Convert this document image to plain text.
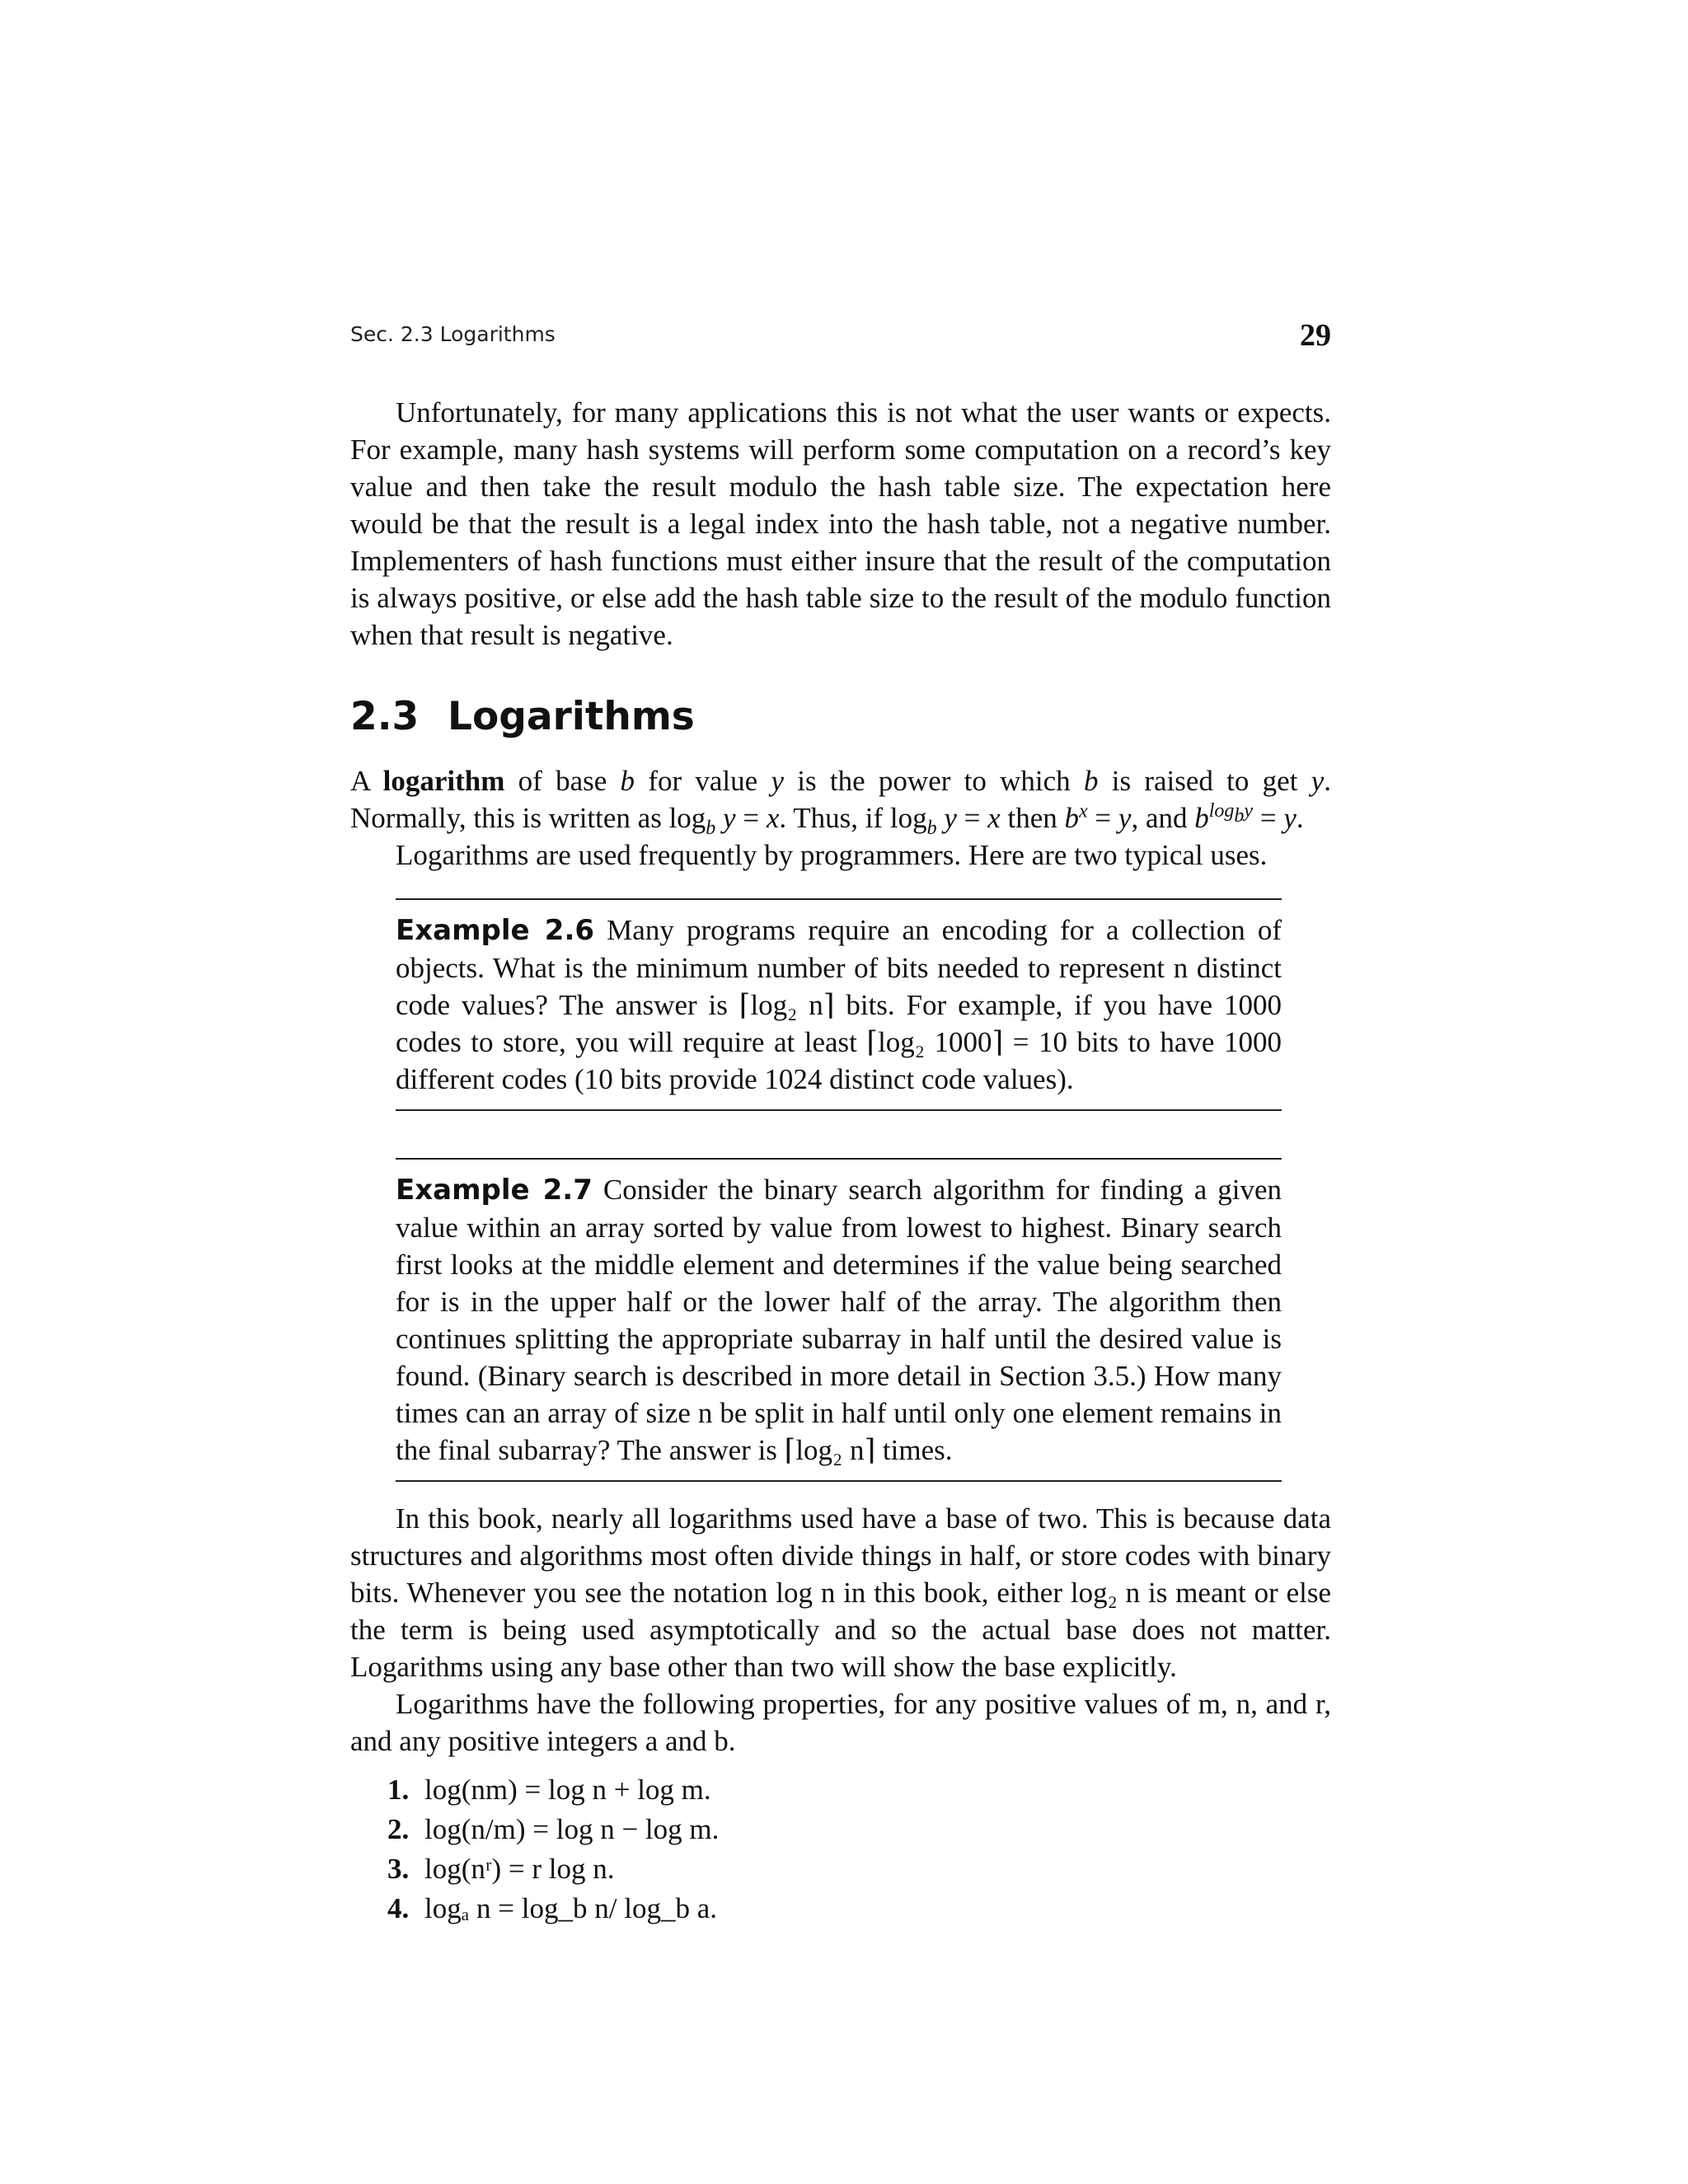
Sec. 2.3 Logarithms	29

Unfortunately, for many applications this is not what the user wants or expects. For example, many hash systems will perform some computation on a record’s key value and then take the result modulo the hash table size. The expectation here would be that the result is a legal index into the hash table, not a negative number. Implementers of hash functions must either insure that the result of the computation is always positive, or else add the hash table size to the result of the modulo function when that result is negative.

2.3 Logarithms

A logarithm of base b for value y is the power to which b is raised to get y. Normally, this is written as $\log_b y = x$. Thus, if $\log_b y = x$ then $b^x = y$, and $b^{log_by} = y$.

Logarithms are used frequently by programmers. Here are two typical uses.

Example 2.6 Many programs require an encoding for a collection of objects. What is the minimum number of bits needed to represent n distinct code values? The answer is ⌈log₂ n⌉ bits. For example, if you have 1000 codes to store, you will require at least ⌈log₂ 1000⌉ = 10 bits to have 1000 different codes (10 bits provide 1024 distinct code values).
Example 2.7 Consider the binary search algorithm for finding a given value within an array sorted by value from lowest to highest. Binary search first looks at the middle element and determines if the value being searched for is in the upper half or the lower half of the array. The algorithm then continues splitting the appropriate subarray in half until the desired value is found. (Binary search is described in more detail in Section 3.5.) How many times can an array of size n be split in half until only one element remains in the final subarray? The answer is ⌈log₂ n⌉ times.

In this book, nearly all logarithms used have a base of two. This is because data structures and algorithms most often divide things in half, or store codes with binary bits. Whenever you see the notation log n in this book, either log₂ n is meant or else the term is being used asymptotically and so the actual base does not matter. Logarithms using any base other than two will show the base explicitly.

Logarithms have the following properties, for any positive values of m, n, and r, and any positive integers a and b.

1. log(nm) = log n + log m.
2. log(n/m) = log n − log m.
3. log(nʳ) = r log n.
4. logₐ n = log_b n/ log_b a.
